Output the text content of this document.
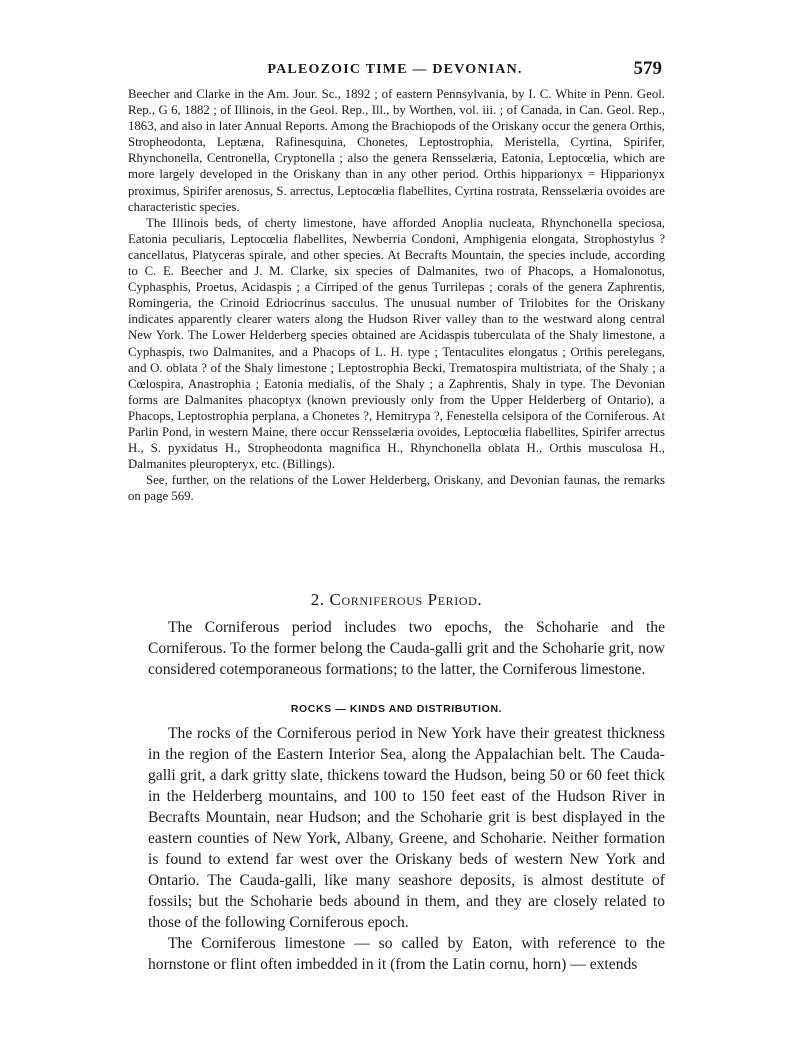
PALEOZOIC TIME — DEVONIAN.	579

Beecher and Clarke in the Am. Jour. Sc., 1892 ; of eastern Pennsylvania, by I. C. White in Penn. Geol. Rep., G 6, 1882 ; of Illinois, in the Geol. Rep., Ill., by Worthen, vol. iii. ; of Canada, in Can. Geol. Rep., 1863, and also in later Annual Reports. Among the Brachiopods of the Oriskany occur the genera Orthis, Stropheodonta, Leptæna, Rafinesquina, Chonetes, Leptostrophia, Meristella, Cyrtina, Spirifer, Rhynchonella, Centronella, Cryptonella ; also the genera Rensselæria, Eatonia, Leptocœlia, which are more largely developed in the Oriskany than in any other period. Orthis hipparionyx = Hipparionyx proximus, Spirifer arenosus, S. arrectus, Leptocœlia flabellites, Cyrtina rostrata, Rensselæria ovoides are characteristic species.

The Illinois beds, of cherty limestone, have afforded Anoplia nucleata, Rhynchonella speciosa, Eatonia peculiaris, Leptocœlia flabellites, Newberria Condoni, Amphigenia elongata, Strophostylus ? cancellatus, Platyceras spirale, and other species. At Becrafts Mountain, the species include, according to C. E. Beecher and J. M. Clarke, six species of Dalmanites, two of Phacops, a Homalonotus, Cyphasphis, Proetus, Acidaspis ; a Cirriped of the genus Turrilepas ; corals of the genera Zaphrentis, Romingeria, the Crinoid Edriocrinus sacculus. The unusual number of Trilobites for the Oriskany indicates apparently clearer waters along the Hudson River valley than to the westward along central New York. The Lower Helderberg species obtained are Acidaspis tuberculata of the Shaly limestone, a Cyphaspis, two Dalmanites, and a Phacops of L. H. type ; Tentaculites elongatus ; Orthis perelegans, and O. oblata ? of the Shaly limestone ; Leptostrophia Becki, Trematospira multistriata, of the Shaly ; a Cœlospira, Anastrophia ; Eatonia medialis, of the Shaly ; a Zaphrentis, Shaly in type. The Devonian forms are Dalmanites phacoptyx (known previously only from the Upper Helderberg of Ontario), a Phacops, Leptostrophia perplana, a Chonetes ?, Hemitrypa ?, Fenestella celsipora of the Corniferous. At Parlin Pond, in western Maine, there occur Rensselæria ovoides, Leptocœlia flabellites, Spirifer arrectus H., S. pyxidatus H., Stropheodonta magnifica H., Rhynchonella oblata H., Orthis musculosa H., Dalmanites pleuropteryx, etc. (Billings).

See, further, on the relations of the Lower Helderberg, Oriskany, and Devonian faunas, the remarks on page 569.

2. Corniferous Period.

The Corniferous period includes two epochs, the Schoharie and the Corniferous. To the former belong the Cauda-galli grit and the Schoharie grit, now considered cotemporaneous formations; to the latter, the Corniferous limestone.

ROCKS — KINDS AND DISTRIBUTION.

The rocks of the Corniferous period in New York have their greatest thickness in the region of the Eastern Interior Sea, along the Appalachian belt. The Cauda-galli grit, a dark gritty slate, thickens toward the Hudson, being 50 or 60 feet thick in the Helderberg mountains, and 100 to 150 feet east of the Hudson River in Becrafts Mountain, near Hudson; and the Schoharie grit is best displayed in the eastern counties of New York, Albany, Greene, and Schoharie. Neither formation is found to extend far west over the Oriskany beds of western New York and Ontario. The Cauda-galli, like many seashore deposits, is almost destitute of fossils; but the Schoharie beds abound in them, and they are closely related to those of the following Corniferous epoch.

The Corniferous limestone — so called by Eaton, with reference to the hornstone or flint often imbedded in it (from the Latin cornu, horn) — extends
